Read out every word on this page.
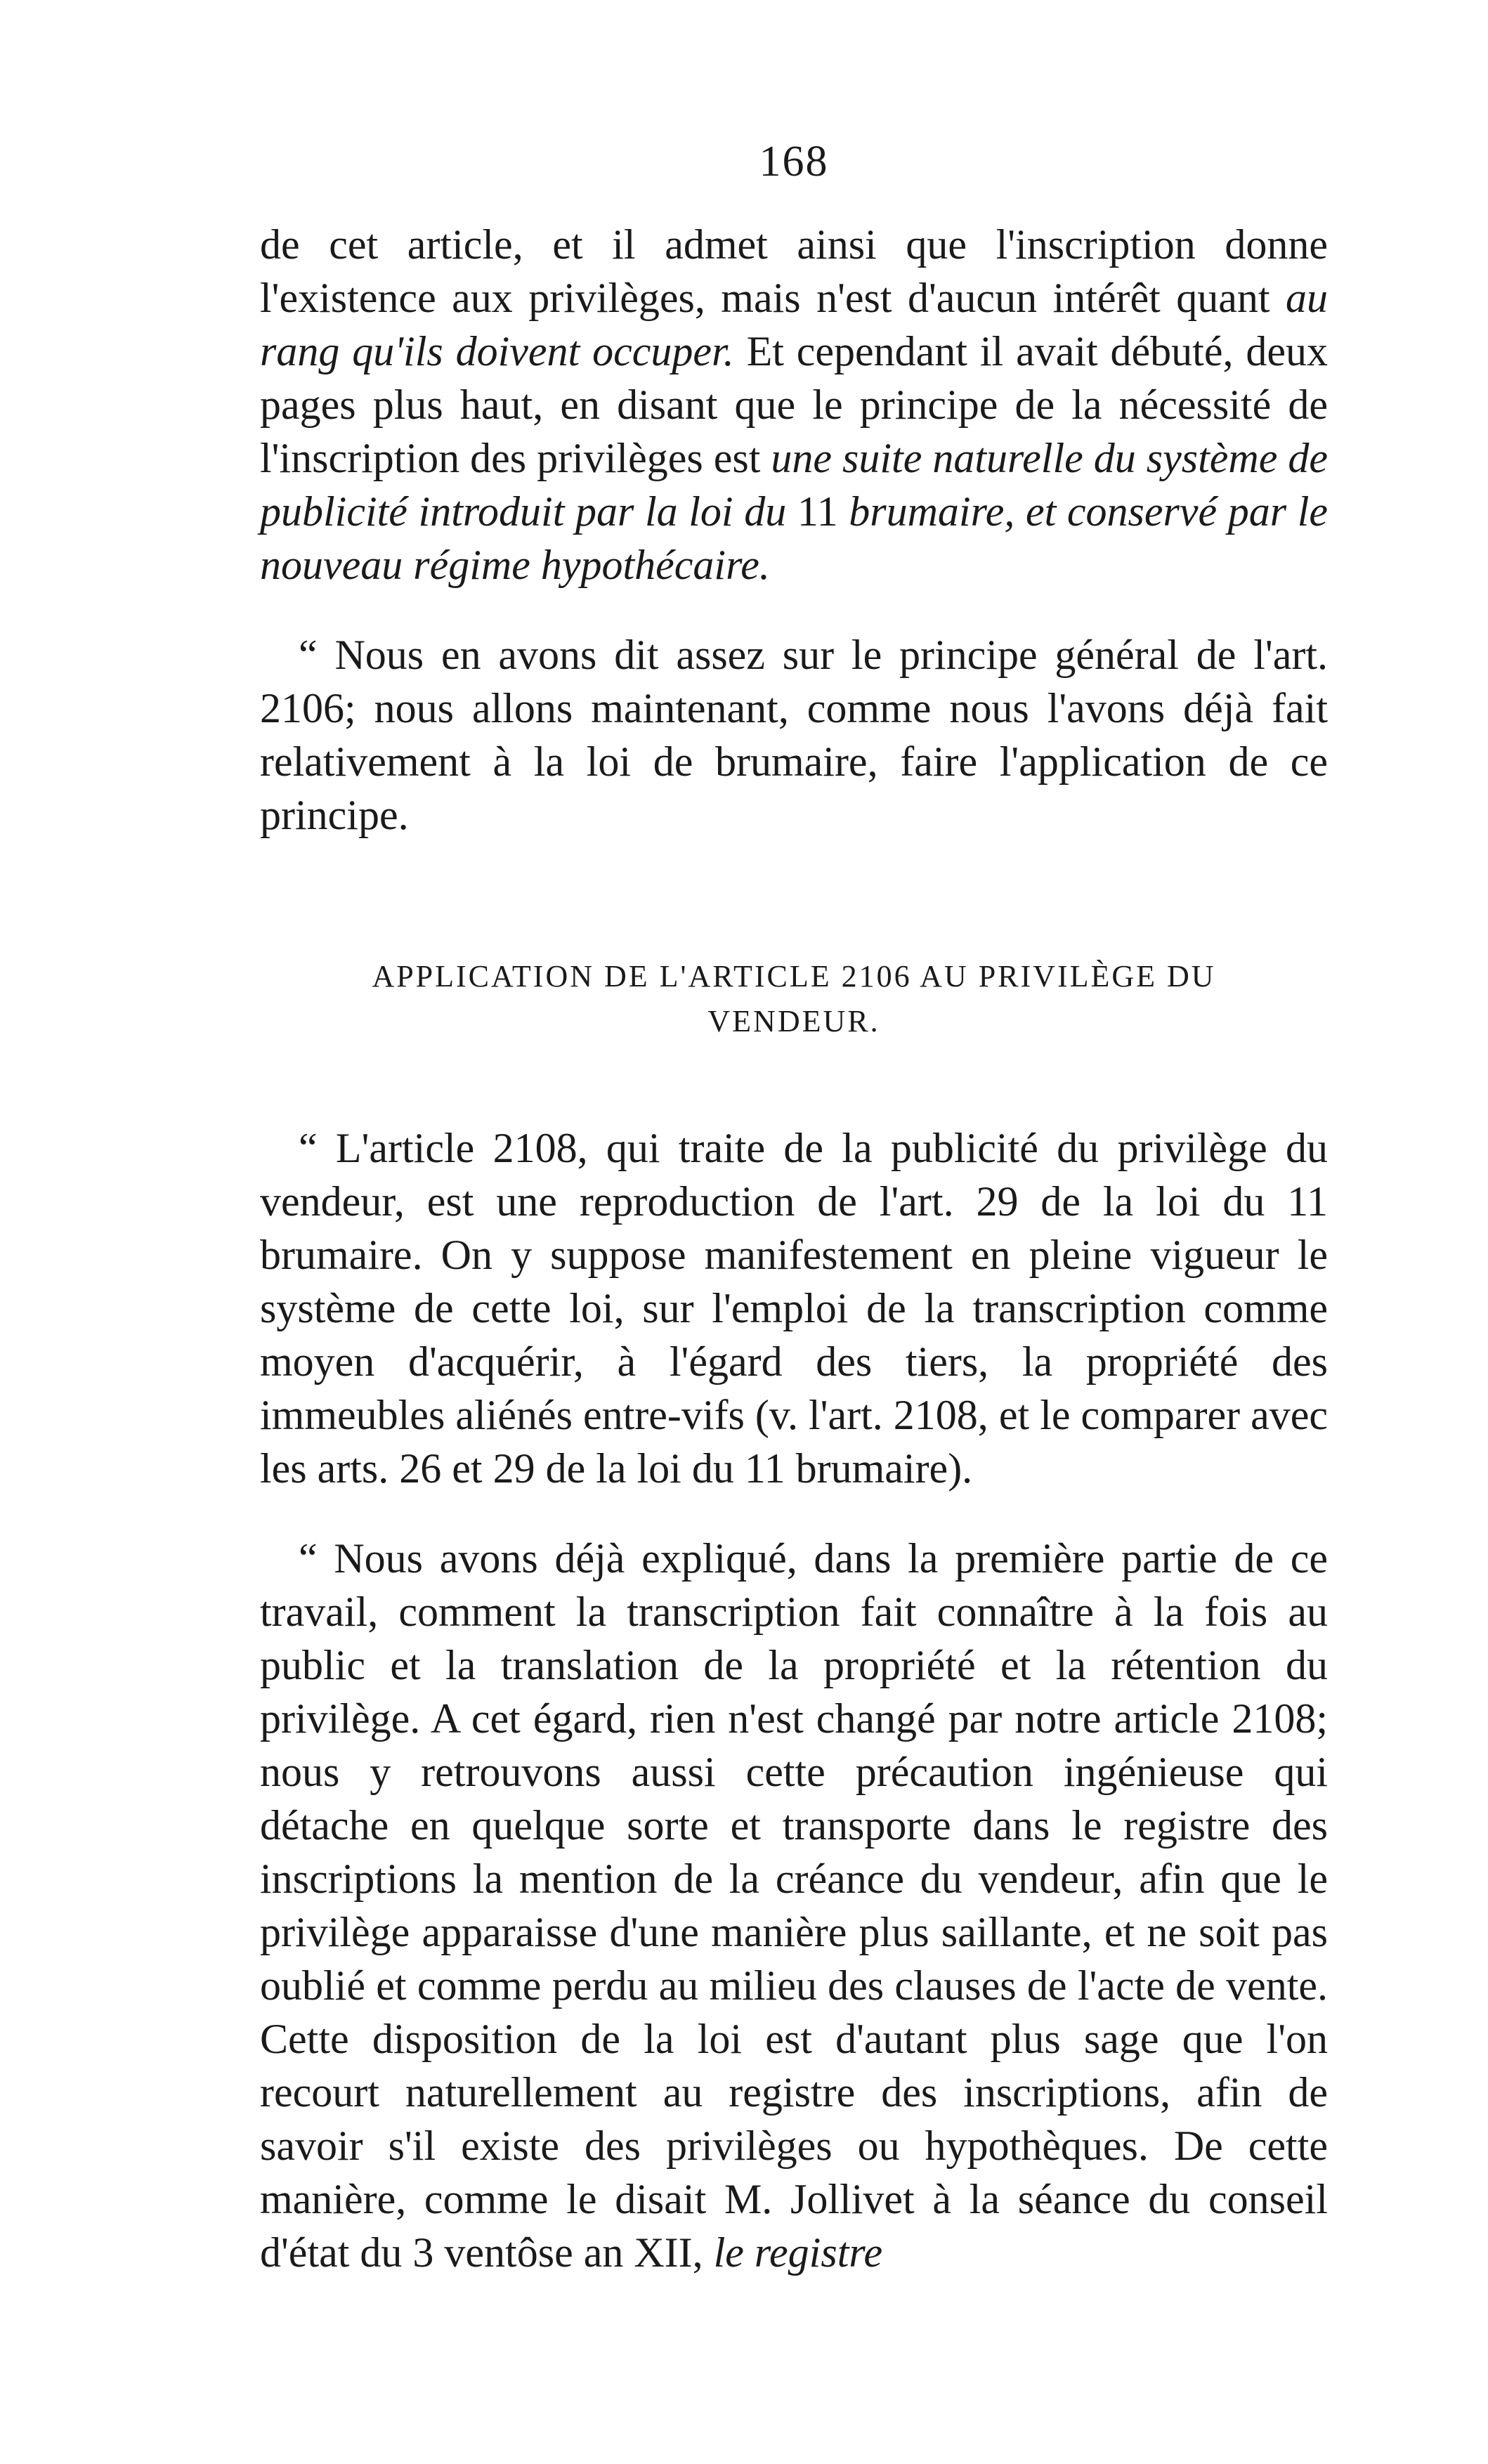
168

de cet article, et il admet ainsi que l'inscription donne l'existence aux privilèges, mais n'est d'aucun intérêt quant au rang qu'ils doivent occuper. Et cependant il avait débuté, deux pages plus haut, en disant que le principe de la nécessité de l'inscription des privilèges est une suite naturelle du système de publicité introduit par la loi du 11 brumaire, et conservé par le nouveau régime hypothécaire.

“ Nous en avons dit assez sur le principe général de l'art. 2106; nous allons maintenant, comme nous l'avons déjà fait relativement à la loi de brumaire, faire l'application de ce principe.

APPLICATION DE L'ARTICLE 2106 AU PRIVILÈGE DU VENDEUR.

“ L'article 2108, qui traite de la publicité du privilège du vendeur, est une reproduction de l'art. 29 de la loi du 11 brumaire. On y suppose manifestement en pleine vigueur le système de cette loi, sur l'emploi de la transcription comme moyen d'acquérir, à l'égard des tiers, la propriété des immeubles aliénés entre-vifs (v. l'art. 2108, et le comparer avec les arts. 26 et 29 de la loi du 11 brumaire).

“ Nous avons déjà expliqué, dans la première partie de ce travail, comment la transcription fait connaître à la fois au public et la translation de la propriété et la rétention du privilège. A cet égard, rien n'est changé par notre article 2108; nous y retrouvons aussi cette précaution ingénieuse qui détache en quelque sorte et transporte dans le registre des inscriptions la mention de la créance du vendeur, afin que le privilège apparaisse d'une manière plus saillante, et ne soit pas oublié et comme perdu au milieu des clauses de l'acte de vente. Cette disposition de la loi est d'autant plus sage que l'on recourt naturellement au registre des inscriptions, afin de savoir s'il existe des privilèges ou hypothèques. De cette manière, comme le disait M. Jollivet à la séance du conseil d'état du 3 ventôse an XII, le registre
